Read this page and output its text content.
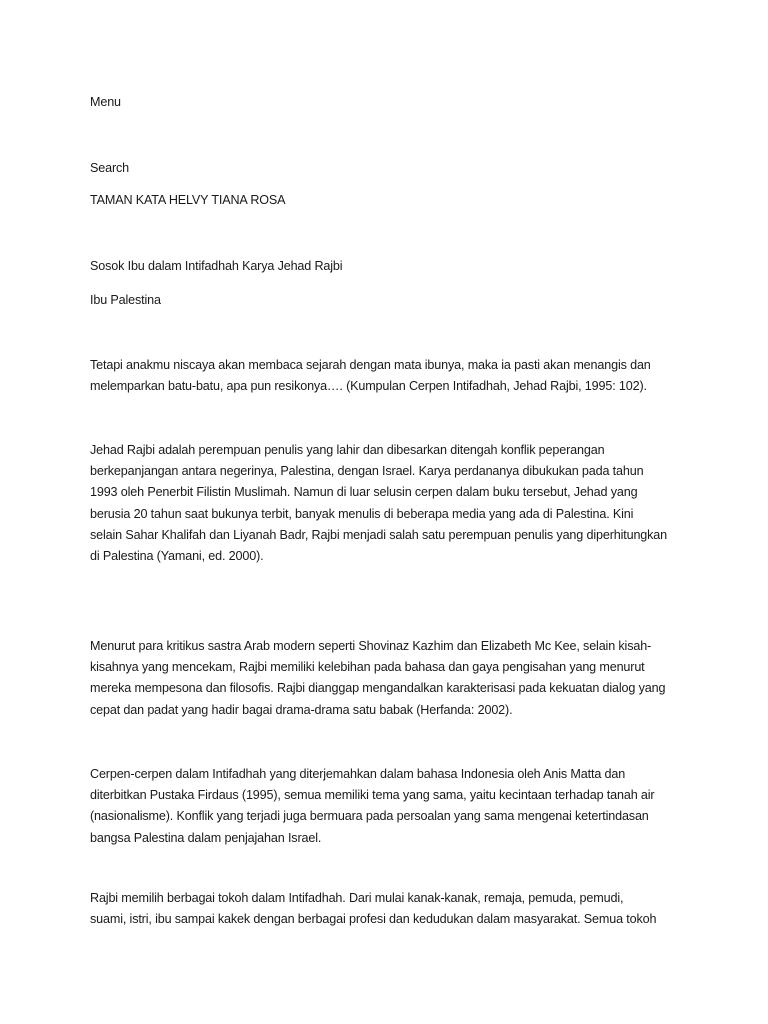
Menu
Search
TAMAN KATA HELVY TIANA ROSA
Sosok Ibu dalam Intifadhah Karya Jehad Rajbi
Ibu Palestina
Tetapi anakmu niscaya akan membaca sejarah dengan mata ibunya, maka ia pasti akan menangis dan
melemparkan batu-batu, apa pun resikonya…. (Kumpulan Cerpen Intifadhah, Jehad Rajbi, 1995: 102).
Jehad Rajbi adalah perempuan penulis yang lahir dan dibesarkan ditengah konflik peperangan
berkepanjangan antara negerinya, Palestina, dengan Israel. Karya perdananya dibukukan pada tahun
1993 oleh Penerbit Filistin Muslimah. Namun di luar selusin cerpen dalam buku tersebut, Jehad yang
berusia 20 tahun saat bukunya terbit, banyak menulis di beberapa media yang ada di Palestina. Kini
selain Sahar Khalifah dan Liyanah Badr, Rajbi menjadi salah satu perempuan penulis yang diperhitungkan
di Palestina (Yamani, ed. 2000).
Menurut para kritikus sastra Arab modern seperti Shovinaz Kazhim dan Elizabeth Mc Kee, selain kisah-
kisahnya yang mencekam, Rajbi memiliki kelebihan pada bahasa dan gaya pengisahan yang menurut
mereka mempesona dan filosofis. Rajbi dianggap mengandalkan karakterisasi pada kekuatan dialog yang
cepat dan padat yang hadir bagai drama-drama satu babak (Herfanda: 2002).
Cerpen-cerpen dalam Intifadhah yang diterjemahkan dalam bahasa Indonesia oleh Anis Matta dan
diterbitkan Pustaka Firdaus (1995), semua memiliki tema yang sama, yaitu kecintaan terhadap tanah air
(nasionalisme). Konflik yang terjadi juga bermuara pada persoalan yang sama mengenai ketertindasan
bangsa Palestina dalam penjajahan Israel.
Rajbi memilih berbagai tokoh dalam Intifadhah. Dari mulai kanak-kanak, remaja, pemuda, pemudi,
suami, istri, ibu sampai kakek dengan berbagai profesi dan kedudukan dalam masyarakat. Semua tokoh
